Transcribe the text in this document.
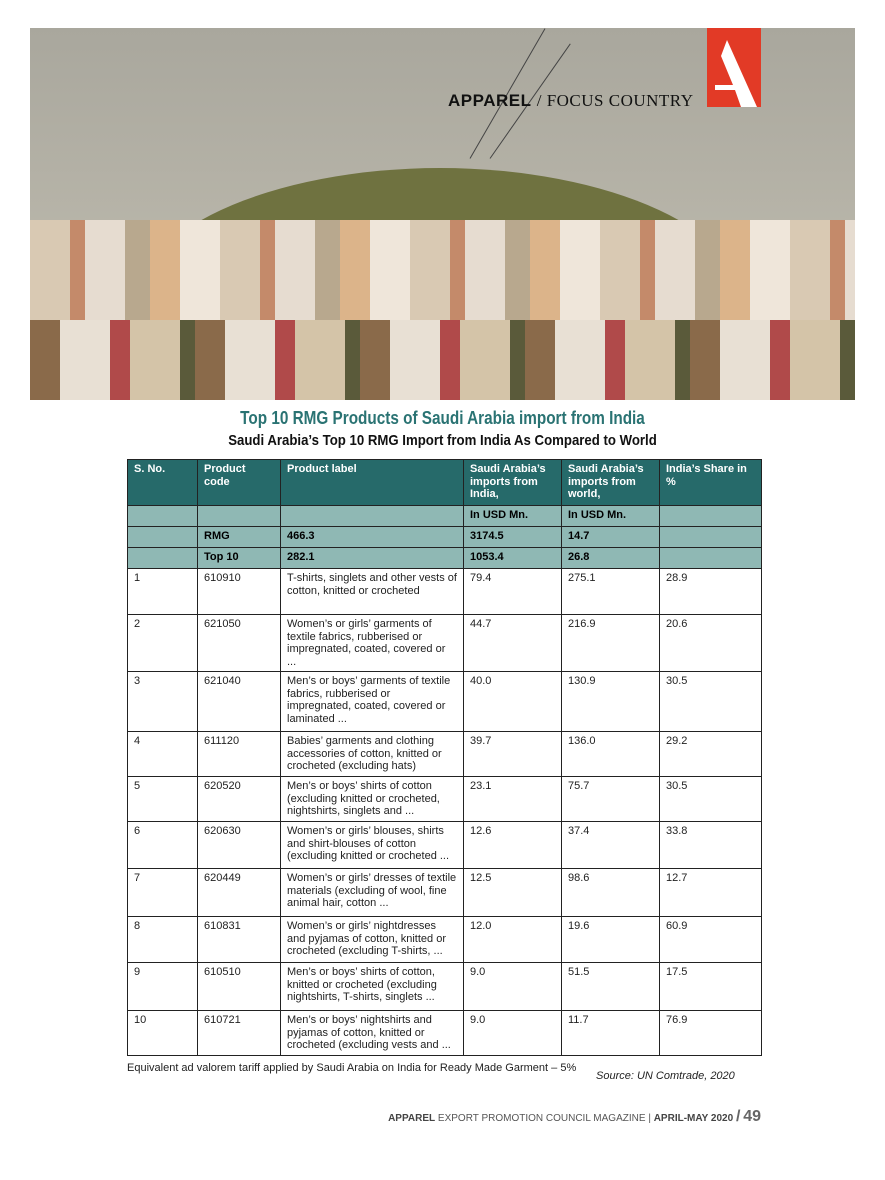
APPAREL / FOCUS COUNTRY
Top 10 RMG Products of Saudi Arabia import from India
Saudi Arabia’s Top 10 RMG Import from India As Compared to World
S. No.	Product code	Product label	Saudi Arabia’s imports from India,	Saudi Arabia’s imports from world,	India’s Share in %
			In USD Mn.	In USD Mn.	
	RMG	466.3	3174.5	14.7	
	Top 10	282.1	1053.4	26.8	
1	610910	T-shirts, singlets and other vests of cotton, knitted or crocheted	79.4	275.1	28.9
2	621050	Women’s or girls’ garments of textile fabrics, rubberised or impregnated, coated, covered or ...	44.7	216.9	20.6
3	621040	Men’s or boys’ garments of textile fabrics, rubberised or impregnated, coated, covered or laminated ...	40.0	130.9	30.5
4	611120	Babies’ garments and clothing accessories of cotton, knitted or crocheted (excluding hats)	39.7	136.0	29.2
5	620520	Men’s or boys’ shirts of cotton (excluding knitted or crocheted, nightshirts, singlets and ...	23.1	75.7	30.5
6	620630	Women’s or girls’ blouses, shirts and shirt-blouses of cotton (excluding knitted or crocheted ...	12.6	37.4	33.8
7	620449	Women’s or girls’ dresses of textile materials (excluding of wool, fine animal hair, cotton ...	12.5	98.6	12.7
8	610831	Women’s or girls’ nightdresses and pyjamas of cotton, knitted or crocheted (excluding T-shirts, ...	12.0	19.6	60.9
9	610510	Men’s or boys’ shirts of cotton, knitted or crocheted (excluding nightshirts, T-shirts, singlets ...	9.0	51.5	17.5
10	610721	Men’s or boys’ nightshirts and pyjamas of cotton, knitted or crocheted (excluding vests and ...	9.0	11.7	76.9
Equivalent ad valorem tariff applied by Saudi Arabia on India for Ready Made Garment – 5%
Source: UN Comtrade, 2020
APPAREL EXPORT PROMOTION COUNCIL MAGAZINE | APRIL-MAY 2020 / 49
